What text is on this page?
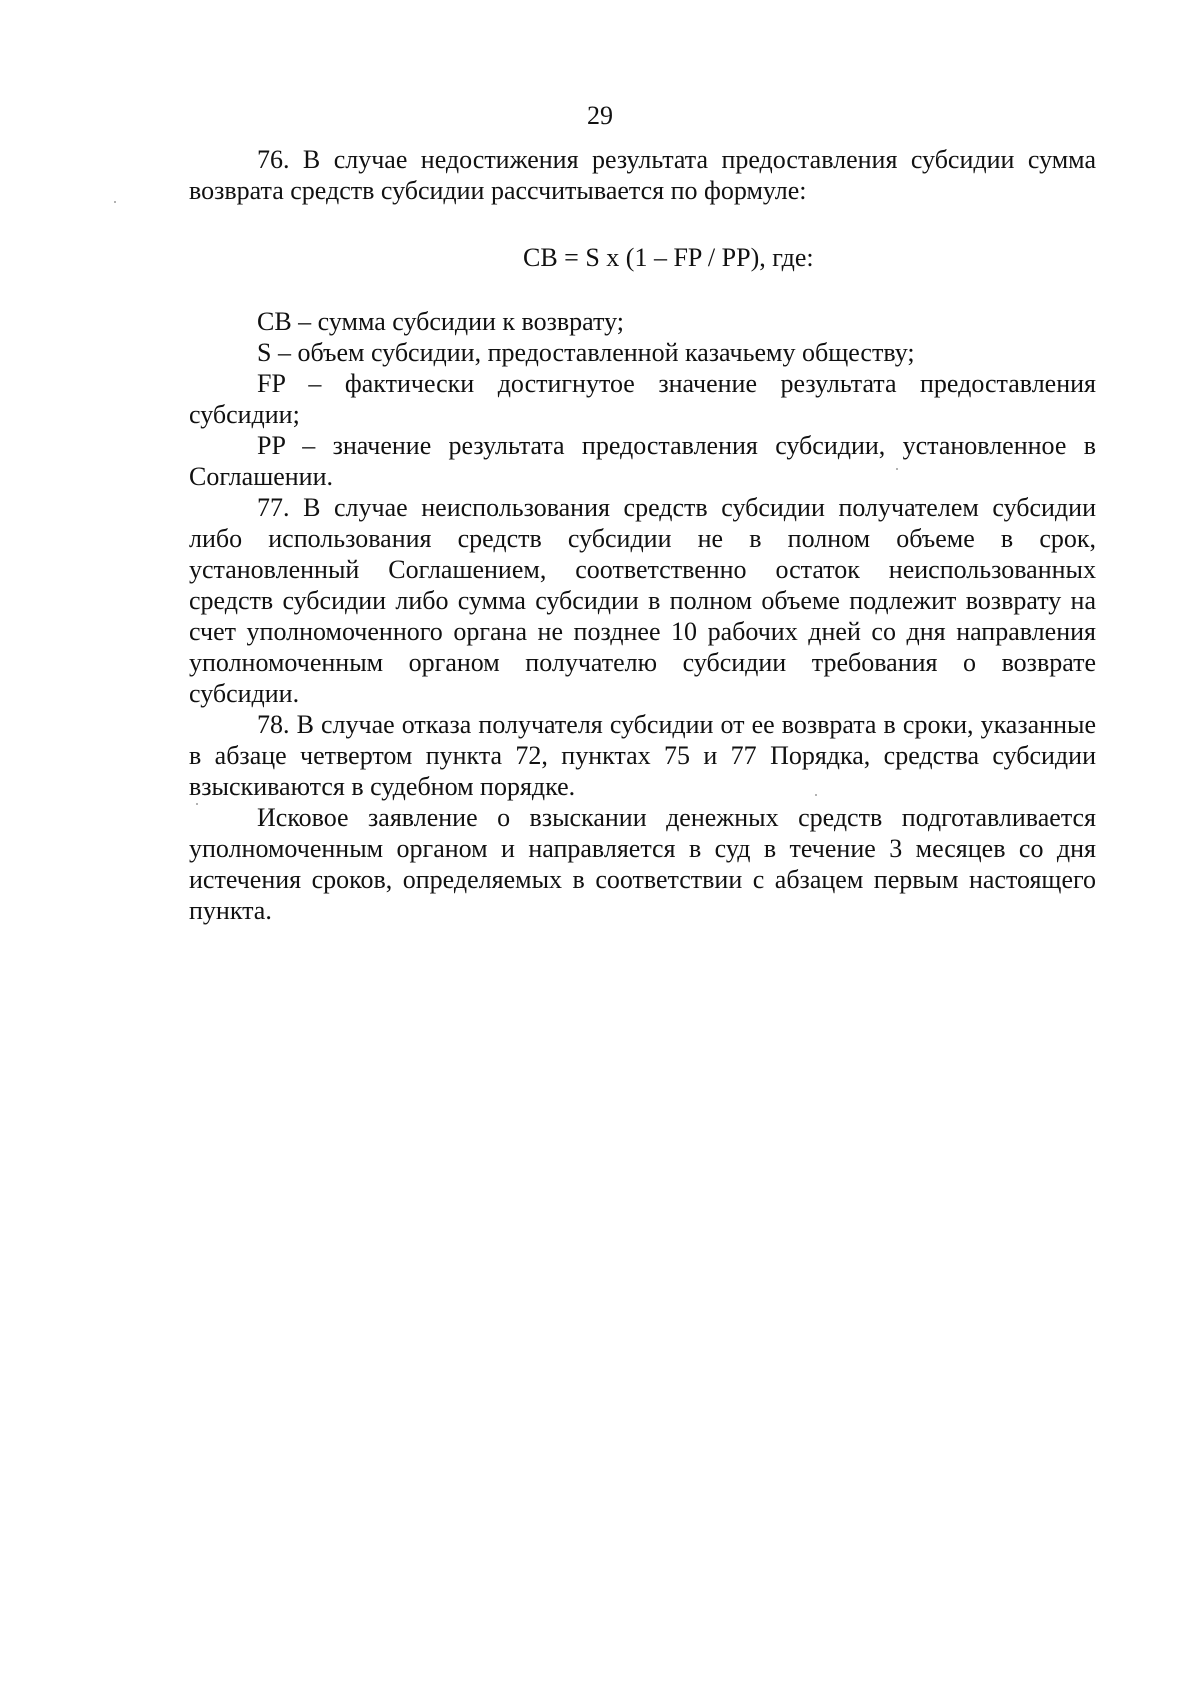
29

76. В случае недостижения результата предоставления субсидии сумма возврата средств субсидии рассчитывается по формуле:

СВ = S x (1 – FP / PP), где:

СВ – сумма субсидии к возврату;

S – объем субсидии, предоставленной казачьему обществу;

FP – фактически достигнутое значение результата предоставления субсидии;

PP – значение результата предоставления субсидии, установленное в Соглашении.

77. В случае неиспользования средств субсидии получателем субсидии либо использования средств субсидии не в полном объеме в срок, установленный Соглашением, соответственно остаток неиспользованных средств субсидии либо сумма субсидии в полном объеме подлежит возврату на счет уполномоченного органа не позднее 10 рабочих дней со дня направления уполномоченным органом получателю субсидии требования о возврате субсидии.

78. В случае отказа получателя субсидии от ее возврата в сроки, указанные в абзаце четвертом пункта 72, пунктах 75 и 77 Порядка, средства субсидии взыскиваются в судебном порядке.

Исковое заявление о взыскании денежных средств подготавливается уполномоченным органом и направляется в суд в течение 3 месяцев со дня истечения сроков, определяемых в соответствии с абзацем первым настоящего пункта.
